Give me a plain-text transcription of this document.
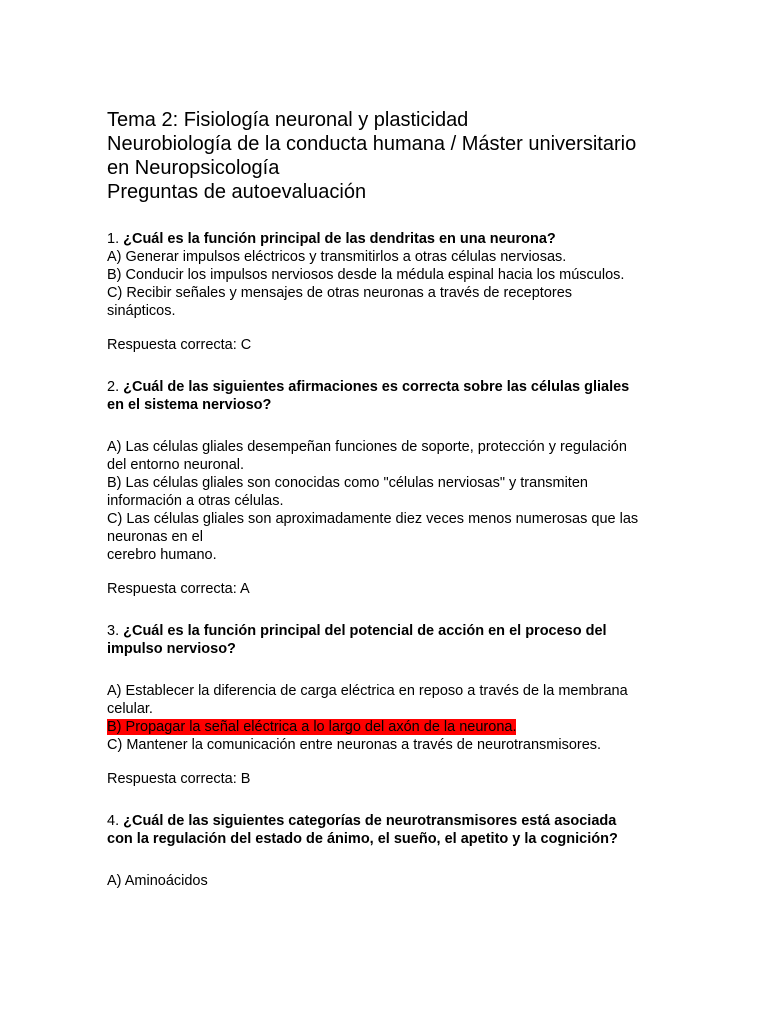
Tema 2: Fisiología neuronal y plasticidad
Neurobiología de la conducta humana / Máster universitario
en Neuropsicología
Preguntas de autoevaluación
1. ¿Cuál es la función principal de las dendritas en una neurona?
A) Generar impulsos eléctricos y transmitirlos a otras células nerviosas.
B) Conducir los impulsos nerviosos desde la médula espinal hacia los músculos.
C) Recibir señales y mensajes de otras neuronas a través de receptores
sinápticos.
Respuesta correcta: C
2. ¿Cuál de las siguientes afirmaciones es correcta sobre las células gliales
en el sistema nervioso?
A) Las células gliales desempeñan funciones de soporte, protección y regulación
del entorno neuronal.
B) Las células gliales son conocidas como "células nerviosas" y transmiten
información a otras células.
C) Las células gliales son aproximadamente diez veces menos numerosas que las
neuronas en el
cerebro humano.
Respuesta correcta: A
3. ¿Cuál es la función principal del potencial de acción en el proceso del
impulso nervioso?
A) Establecer la diferencia de carga eléctrica en reposo a través de la membrana
celular.
B) Propagar la señal eléctrica a lo largo del axón de la neurona.
C) Mantener la comunicación entre neuronas a través de neurotransmisores.
Respuesta correcta: B
4. ¿Cuál de las siguientes categorías de neurotransmisores está asociada
con la regulación del estado de ánimo, el sueño, el apetito y la cognición?
A) Aminoácidos
